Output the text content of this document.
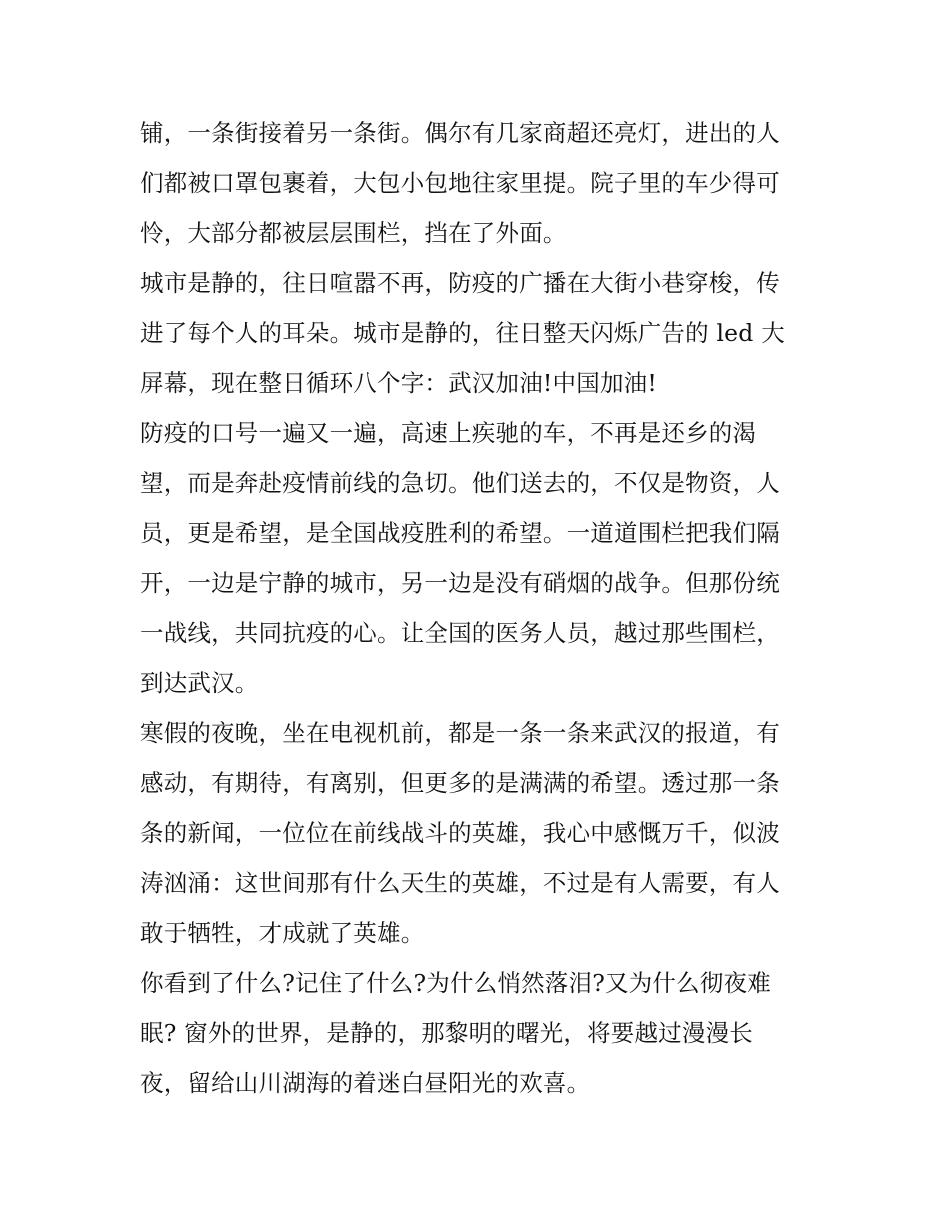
铺，一条街接着另一条街。偶尔有几家商超还亮灯，进出的人
们都被口罩包裹着，大包小包地往家里提。院子里的车少得可
怜，大部分都被层层围栏，挡在了外面。
城市是静的，往日喧嚣不再，防疫的广播在大街小巷穿梭，传
进了每个人的耳朵。城市是静的，往日整天闪烁广告的 led 大
屏幕，现在整日循环八个字：武汉加油!中国加油!
防疫的口号一遍又一遍，高速上疾驰的车，不再是还乡的渴
望，而是奔赴疫情前线的急切。他们送去的，不仅是物资，人
员，更是希望，是全国战疫胜利的希望。一道道围栏把我们隔
开，一边是宁静的城市，另一边是没有硝烟的战争。但那份统
一战线，共同抗疫的心。让全国的医务人员，越过那些围栏，
到达武汉。
寒假的夜晚，坐在电视机前，都是一条一条来武汉的报道，有
感动，有期待，有离别，但更多的是满满的希望。透过那一条
条的新闻，一位位在前线战斗的英雄，我心中感慨万千，似波
涛汹涌：这世间那有什么天生的英雄，不过是有人需要，有人
敢于牺牲，才成就了英雄。
你看到了什么?记住了什么?为什么悄然落泪?又为什么彻夜难
眠? 窗外的世界，是静的，那黎明的曙光，将要越过漫漫长
夜，留给山川湖海的着迷白昼阳光的欢喜。
